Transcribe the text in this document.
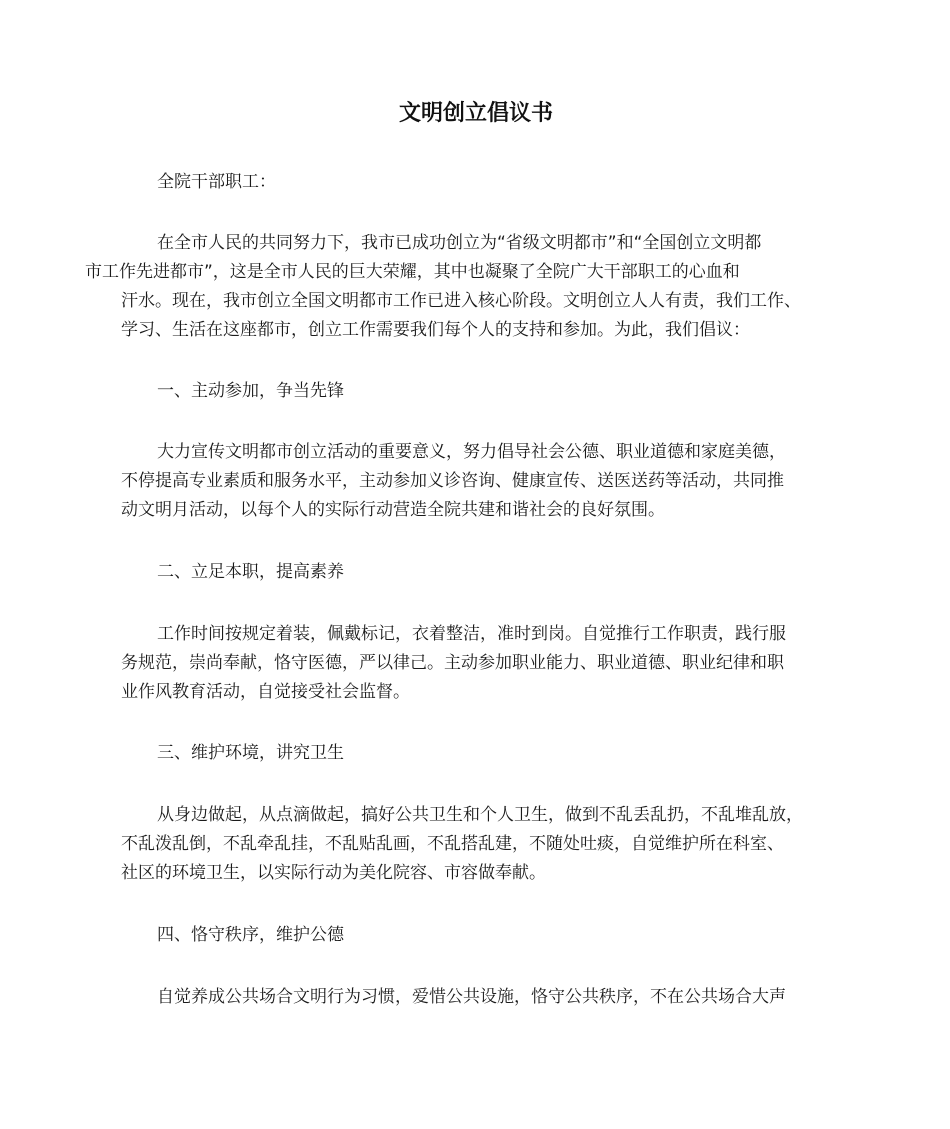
文明创立倡议书

全院干部职工：

在全市人民的共同努力下，我市已成功创立为“省级文明都市”和“全国创立文明都
市工作先进都市”，这是全市人民的巨大荣耀，其中也凝聚了全院广大干部职工的心血和
汗水。现在，我市创立全国文明都市工作已进入核心阶段。文明创立人人有责，我们工作、
学习、生活在这座都市，创立工作需要我们每个人的支持和参加。为此，我们倡议：

一、主动参加，争当先锋

大力宣传文明都市创立活动的重要意义，努力倡导社会公德、职业道德和家庭美德，
不停提高专业素质和服务水平，主动参加义诊咨询、健康宣传、送医送药等活动，共同推
动文明月活动，以每个人的实际行动营造全院共建和谐社会的良好氛围。

二、立足本职，提高素养

工作时间按规定着装，佩戴标记，衣着整洁，准时到岗。自觉推行工作职责，践行服
务规范，崇尚奉献，恪守医德，严以律己。主动参加职业能力、职业道德、职业纪律和职
业作风教育活动，自觉接受社会监督。

三、维护环境，讲究卫生

从身边做起，从点滴做起，搞好公共卫生和个人卫生，做到不乱丢乱扔，不乱堆乱放，
不乱泼乱倒，不乱牵乱挂，不乱贴乱画，不乱搭乱建，不随处吐痰，自觉维护所在科室、
社区的环境卫生，以实际行动为美化院容、市容做奉献。

四、恪守秩序，维护公德

自觉养成公共场合文明行为习惯，爱惜公共设施，恪守公共秩序，不在公共场合大声
